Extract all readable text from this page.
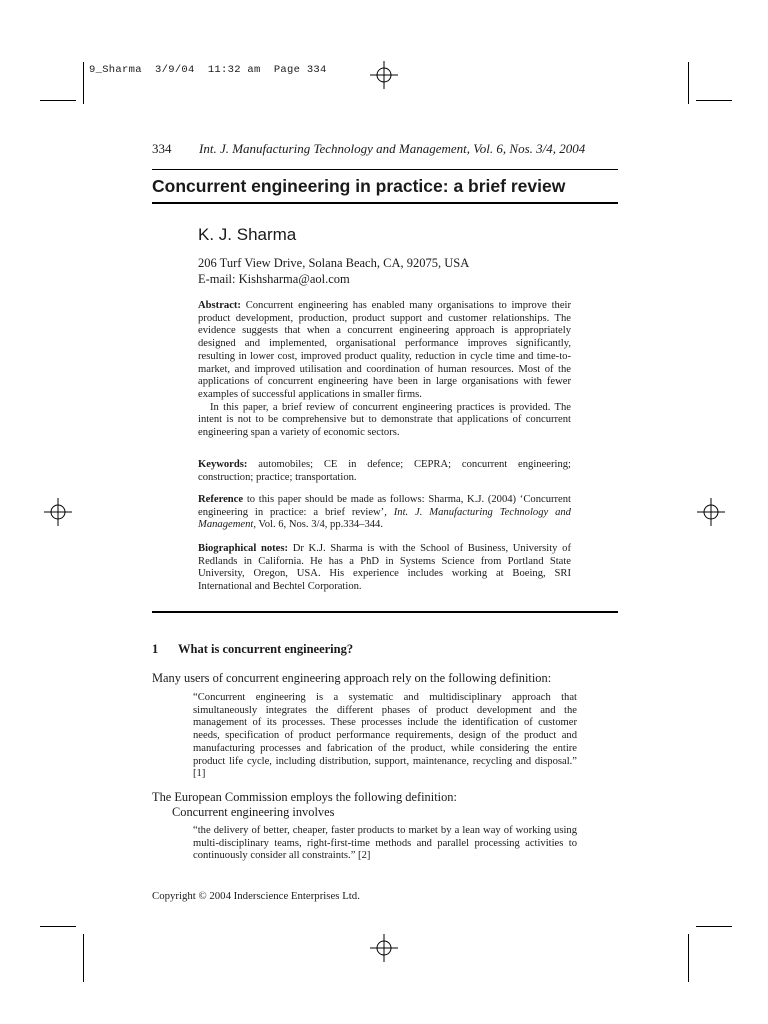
9_Sharma  3/9/04  11:32 am  Page 334
334 Int. J. Manufacturing Technology and Management, Vol. 6, Nos. 3/4, 2004
Concurrent engineering in practice: a brief review
K. J. Sharma
206 Turf View Drive, Solana Beach, CA, 92075, USA
E-mail: Kishsharma@aol.com

Abstract: Concurrent engineering has enabled many organisations to improve their product development, production, product support and customer relationships. The evidence suggests that when a concurrent engineering approach is appropriately designed and implemented, organisational performance improves significantly, resulting in lower cost, improved product quality, reduction in cycle time and time-to-market, and improved utilisation and coordination of human resources. Most of the applications of concurrent engineering have been in large organisations with fewer examples of successful applications in smaller firms.

In this paper, a brief review of concurrent engineering practices is provided. The intent is not to be comprehensive but to demonstrate that applications of concurrent engineering span a variety of economic sectors.

Keywords: automobiles; CE in defence; CEPRA; concurrent engineering; construction; practice; transportation.

Reference to this paper should be made as follows: Sharma, K.J. (2004) ‘Concurrent engineering in practice: a brief review’, Int. J. Manufacturing Technology and Management, Vol. 6, Nos. 3/4, pp.334–344.

Biographical notes: Dr K.J. Sharma is with the School of Business, University of Redlands in California. He has a PhD in Systems Science from Portland State University, Oregon, USA. His experience includes working at Boeing, SRI International and Bechtel Corporation.

1 What is concurrent engineering?
Many users of concurrent engineering approach rely on the following definition:
“Concurrent engineering is a systematic and multidisciplinary approach that simultaneously integrates the different phases of product development and the management of its processes. These processes include the identification of customer needs, specification of product performance requirements, design of the product and manufacturing processes and fabrication of the product, while considering the entire product life cycle, including distribution, support, maintenance, recycling and disposal.” [1]
The European Commission employs the following definition:
Concurrent engineering involves
“the delivery of better, cheaper, faster products to market by a lean way of working using multi-disciplinary teams, right-first-time methods and parallel processing activities to continuously consider all constraints.” [2]
Copyright © 2004 Inderscience Enterprises Ltd.
